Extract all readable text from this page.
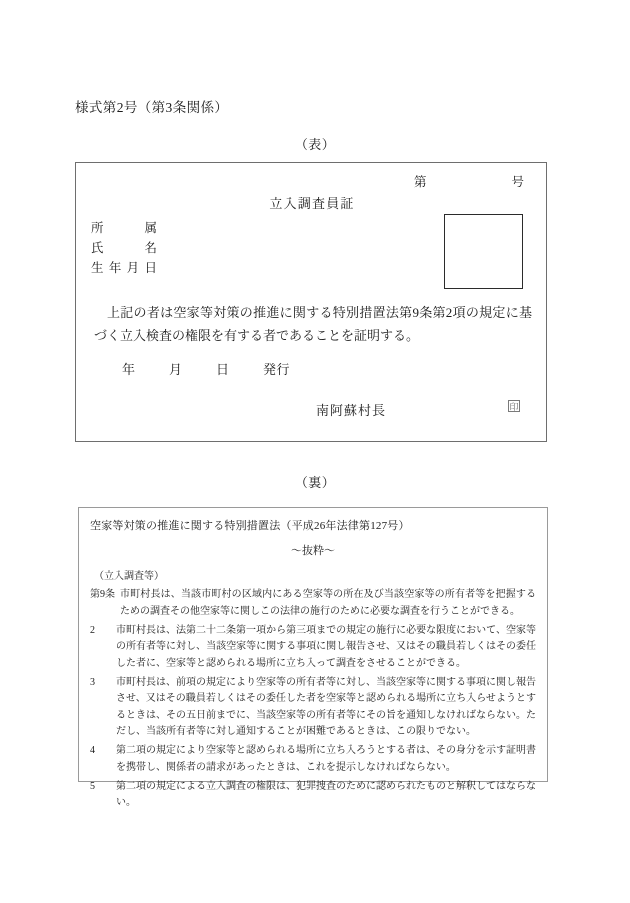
様式第2号（第3条関係）
（表）
第	号
立入調査員証
所属
氏名
生年月日
上記の者は空家等対策の推進に関する特別措置法第9条第2項の規定に基づく立入検査の権限を有する者であることを証明する。
年	月	日	発行
南阿蘇村長	印
（裏）
空家等対策の推進に関する特別措置法（平成26年法律第127号）
〜抜粋〜
（立入調査等）
第9条 市町村長は、当該市町村の区域内にある空家等の所在及び当該空家等の所有者等を把握するための調査その他空家等に関しこの法律の施行のために必要な調査を行うことができる。
2	市町村長は、法第二十二条第一項から第三項までの規定の施行に必要な限度において、空家等の所有者等に対し、当該空家等に関する事項に関し報告させ、又はその職員若しくはその委任した者に、空家等と認められる場所に立ち入って調査をさせることができる。
3	市町村長は、前項の規定により空家等の所有者等に対し、当該空家等に関する事項に関し報告させ、又はその職員若しくはその委任した者を空家等と認められる場所に立ち入らせようとするときは、その五日前までに、当該空家等の所有者等にその旨を通知しなければならない。ただし、当該所有者等に対し通知することが困難であるときは、この限りでない。
4	第二項の規定により空家等と認められる場所に立ち入ろうとする者は、その身分を示す証明書を携帯し、関係者の請求があったときは、これを提示しなければならない。
5	第二項の規定による立入調査の権限は、犯罪捜査のために認められたものと解釈してはならない。
